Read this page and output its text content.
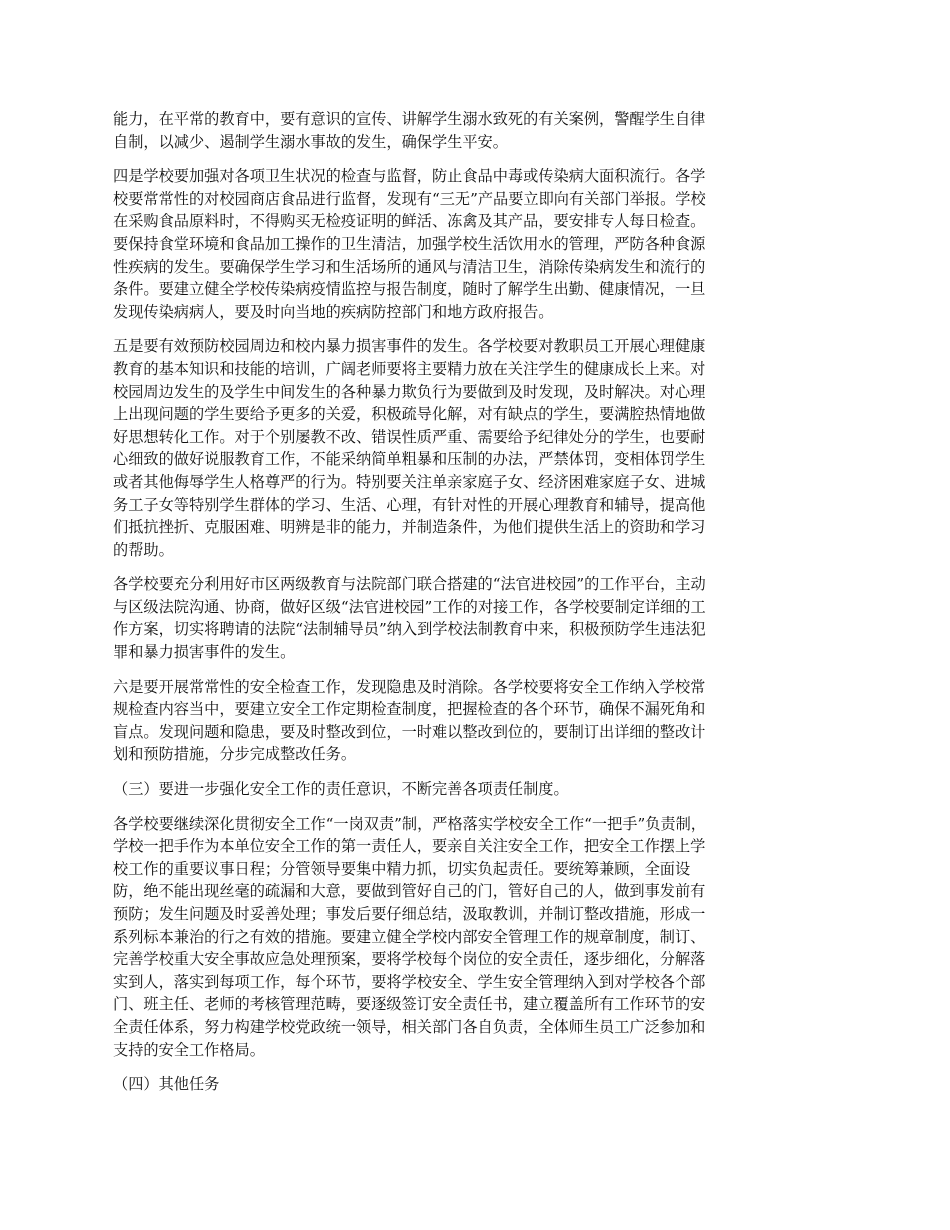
能力，在平常的教育中，要有意识的宣传、讲解学生溺水致死的有关案例，警醒学生自律
自制，以减少、遏制学生溺水事故的发生，确保学生平安。

四是学校要加强对各项卫生状况的检查与监督，防止食品中毒或传染病大面积流行。各学
校要常常性的对校园商店食品进行监督，发现有“三无”产品要立即向有关部门举报。学校
在采购食品原料时，不得购买无检疫证明的鲜活、冻禽及其产品，要安排专人每日检查。
要保持食堂环境和食品加工操作的卫生清洁，加强学校生活饮用水的管理，严防各种食源
性疾病的发生。要确保学生学习和生活场所的通风与清洁卫生，消除传染病发生和流行的
条件。要建立健全学校传染病疫情监控与报告制度，随时了解学生出勤、健康情况，一旦
发现传染病病人，要及时向当地的疾病防控部门和地方政府报告。

五是要有效预防校园周边和校内暴力损害事件的发生。各学校要对教职员工开展心理健康
教育的基本知识和技能的培训，广阔老师要将主要精力放在关注学生的健康成长上来。对
校园周边发生的及学生中间发生的各种暴力欺负行为要做到及时发现，及时解决。对心理
上出现问题的学生要给予更多的关爱，积极疏导化解，对有缺点的学生，要满腔热情地做
好思想转化工作。对于个别屡教不改、错误性质严重、需要给予纪律处分的学生，也要耐
心细致的做好说服教育工作，不能采纳简单粗暴和压制的办法，严禁体罚，变相体罚学生
或者其他侮辱学生人格尊严的行为。特别要关注单亲家庭子女、经济困难家庭子女、进城
务工子女等特别学生群体的学习、生活、心理，有针对性的开展心理教育和辅导，提高他
们抵抗挫折、克服困难、明辨是非的能力，并制造条件，为他们提供生活上的资助和学习
的帮助。

各学校要充分利用好市区两级教育与法院部门联合搭建的“法官进校园”的工作平台，主动
与区级法院沟通、协商，做好区级“法官进校园”工作的对接工作，各学校要制定详细的工
作方案，切实将聘请的法院“法制辅导员”纳入到学校法制教育中来，积极预防学生违法犯
罪和暴力损害事件的发生。

六是要开展常常性的安全检查工作，发现隐患及时消除。各学校要将安全工作纳入学校常
规检查内容当中，要建立安全工作定期检查制度，把握检查的各个环节，确保不漏死角和
盲点。发现问题和隐患，要及时整改到位，一时难以整改到位的，要制订出详细的整改计
划和预防措施，分步完成整改任务。

（三）要进一步强化安全工作的责任意识，不断完善各项责任制度。

各学校要继续深化贯彻安全工作“一岗双责”制，严格落实学校安全工作“一把手”负责制，
学校一把手作为本单位安全工作的第一责任人，要亲自关注安全工作，把安全工作摆上学
校工作的重要议事日程；分管领导要集中精力抓，切实负起责任。要统筹兼顾，全面设
防，绝不能出现丝毫的疏漏和大意，要做到管好自己的门，管好自己的人，做到事发前有
预防；发生问题及时妥善处理；事发后要仔细总结，汲取教训，并制订整改措施，形成一
系列标本兼治的行之有效的措施。要建立健全学校内部安全管理工作的规章制度，制订、
完善学校重大安全事故应急处理预案，要将学校每个岗位的安全责任，逐步细化，分解落
实到人，落实到每项工作，每个环节，要将学校安全、学生安全管理纳入到对学校各个部
门、班主任、老师的考核管理范畴，要逐级签订安全责任书，建立覆盖所有工作环节的安
全责任体系，努力构建学校党政统一领导，相关部门各自负责，全体师生员工广泛参加和
支持的安全工作格局。

（四）其他任务
